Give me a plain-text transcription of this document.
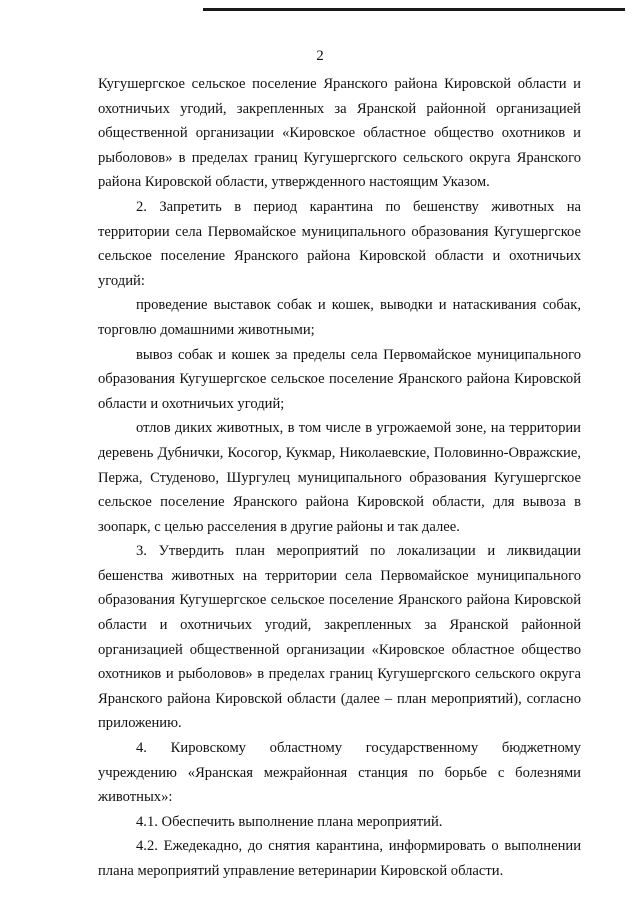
2

Кугушергское сельское поселение Яранского района Кировской области и охотничьих угодий, закрепленных за Яранской районной организацией общественной организации «Кировское областное общество охотников и рыболовов» в пределах границ Кугушергского сельского округа Яранского района Кировской области, утвержденного настоящим Указом.

2. Запретить в период карантина по бешенству животных на территории села Первомайское муниципального образования Кугушергское сельское поселение Яранского района Кировской области и охотничьих угодий:

проведение выставок собак и кошек, выводки и натаскивания собак, торговлю домашними животными;

вывоз собак и кошек за пределы села Первомайское муниципального образования Кугушергское сельское поселение Яранского района Кировской области и охотничьих угодий;

отлов диких животных, в том числе в угрожаемой зоне, на территории деревень Дубнички, Косогор, Кукмар, Николаевские, Половинно-Овражские, Пержа, Студеново, Шургулец муниципального образования Кугушергское сельское поселение Яранского района Кировской области, для вывоза в зоопарк, с целью расселения в другие районы и так далее.

3. Утвердить план мероприятий по локализации и ликвидации бешенства животных на территории села Первомайское муниципального образования Кугушергское сельское поселение Яранского района Кировской области и охотничьих угодий, закрепленных за Яранской районной организацией общественной организации «Кировское областное общество охотников и рыболовов» в пределах границ Кугушергского сельского округа Яранского района Кировской области (далее – план мероприятий), согласно приложению.

4. Кировскому областному государственному бюджетному учреждению «Яранская межрайонная станция по борьбе с болезнями животных»:

4.1. Обеспечить выполнение плана мероприятий.

4.2. Ежедекадно, до снятия карантина, информировать о выполнении плана мероприятий управление ветеринарии Кировской области.
